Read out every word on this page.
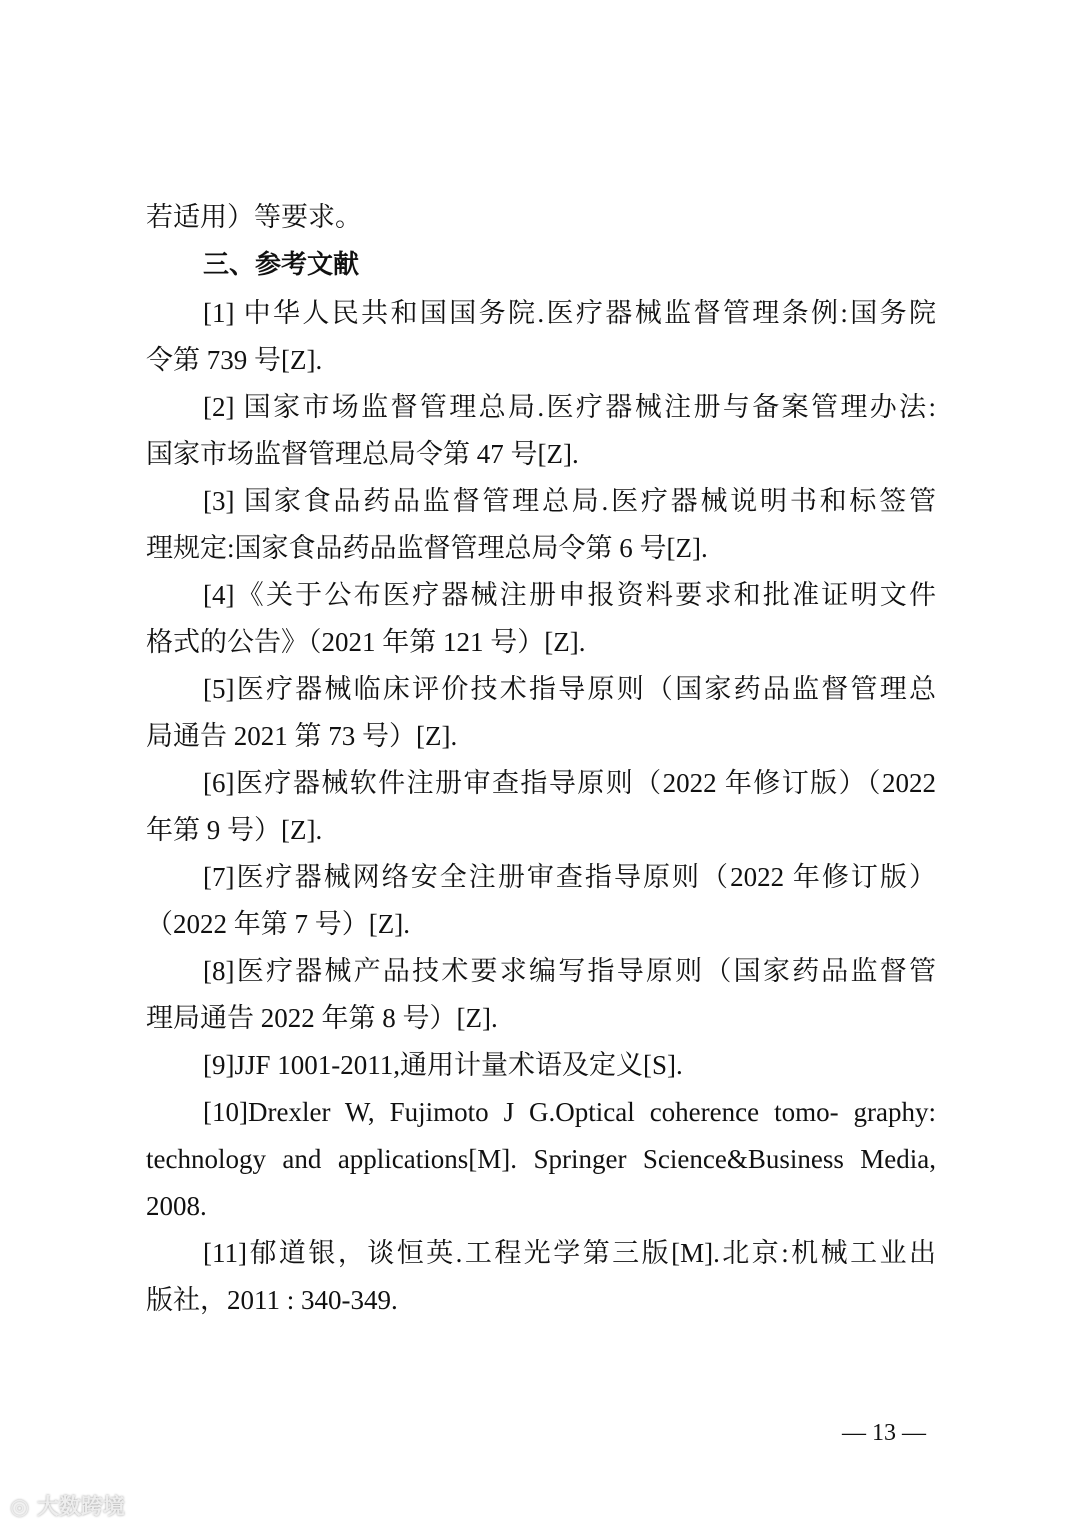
若适用）等要求。
三、参考文献
[1] 中华人民共和国国务院.医疗器械监督管理条例:国务院
令第 739 号[Z].
[2] 国家市场监督管理总局.医疗器械注册与备案管理办法:
国家市场监督管理总局令第 47 号[Z].
[3] 国家食品药品监督管理总局.医疗器械说明书和标签管
理规定:国家食品药品监督管理总局令第 6 号[Z].
[4]《关于公布医疗器械注册申报资料要求和批准证明文件
格式的公告》（2021 年第 121 号）[Z].
[5]医疗器械临床评价技术指导原则（国家药品监督管理总
局通告 2021 第 73 号）[Z].
[6]医疗器械软件注册审查指导原则（2022 年修订版）（2022
年第 9 号）[Z].
[7]医疗器械网络安全注册审查指导原则（2022 年修订版）
（2022 年第 7 号）[Z].
[8]医疗器械产品技术要求编写指导原则（国家药品监督管
理局通告 2022 年第 8 号）[Z].
[9]JJF 1001-2011,通用计量术语及定义[S].
[10]Drexler W, Fujimoto J G.Optical coherence tomo- graphy:
technology and applications[M]. Springer Science&Business Media,
2008.
[11]郁道银，谈恒英.工程光学第三版[M].北京:机械工业出
版社，2011 : 340-349.
— 13 —
◎ 大数跨境
